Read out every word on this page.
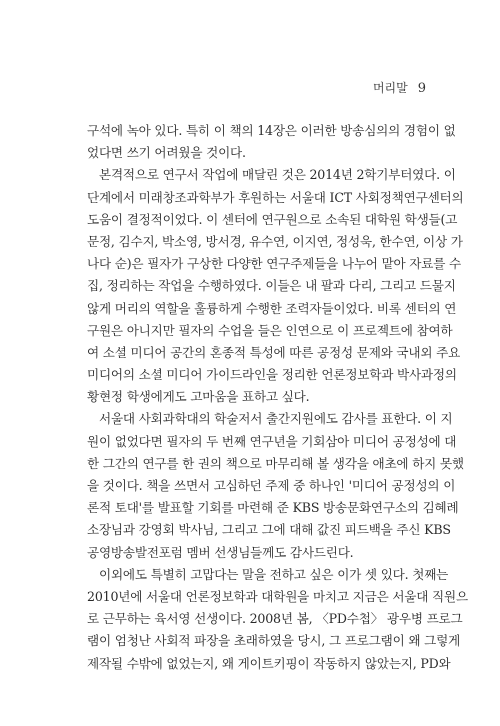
머리말 9
구석에 녹아 있다. 특히 이 책의 14장은 이러한 방송심의의 경험이 없
었다면 쓰기 어려웠을 것이다.
본격적으로 연구서 작업에 매달린 것은 2014년 2학기부터였다. 이
단계에서 미래창조과학부가 후원하는 서울대 ICT 사회정책연구센터의
도움이 결정적이었다. 이 센터에 연구원으로 소속된 대학원 학생들(고
문정, 김수지, 박소영, 방서경, 유수연, 이지연, 정성욱, 한수연, 이상 가
나다 순)은 필자가 구상한 다양한 연구주제들을 나누어 맡아 자료를 수
집, 정리하는 작업을 수행하였다. 이들은 내 팔과 다리, 그리고 드물지
않게 머리의 역할을 훌륭하게 수행한 조력자들이었다. 비록 센터의 연
구원은 아니지만 필자의 수업을 들은 인연으로 이 프로젝트에 참여하
여 소셜 미디어 공간의 혼종적 특성에 따른 공정성 문제와 국내외 주요
미디어의 소셜 미디어 가이드라인을 정리한 언론정보학과 박사과정의
황현정 학생에게도 고마움을 표하고 싶다.
서울대 사회과학대의 학술저서 출간지원에도 감사를 표한다. 이 지
원이 없었다면 필자의 두 번째 연구년을 기회삼아 미디어 공정성에 대
한 그간의 연구를 한 권의 책으로 마무리해 볼 생각을 애초에 하지 못했
을 것이다. 책을 쓰면서 고심하던 주제 중 하나인 '미디어 공정성의 이
론적 토대'를 발표할 기회를 마련해 준 KBS 방송문화연구소의 김혜례
소장님과 강영회 박사님, 그리고 그에 대해 값진 피드백을 주신 KBS
공영방송발전포럼 멤버 선생님들께도 감사드린다.
이외에도 특별히 고맙다는 말을 전하고 싶은 이가 셋 있다. 첫째는
2010년에 서울대 언론정보학과 대학원을 마치고 지금은 서울대 직원으
로 근무하는 육서영 선생이다. 2008년 봄, 〈PD수첩〉 광우병 프로그
램이 엄청난 사회적 파장을 초래하였을 당시, 그 프로그램이 왜 그렇게
제작될 수밖에 없었는지, 왜 게이트키핑이 작동하지 않았는지, PD와
